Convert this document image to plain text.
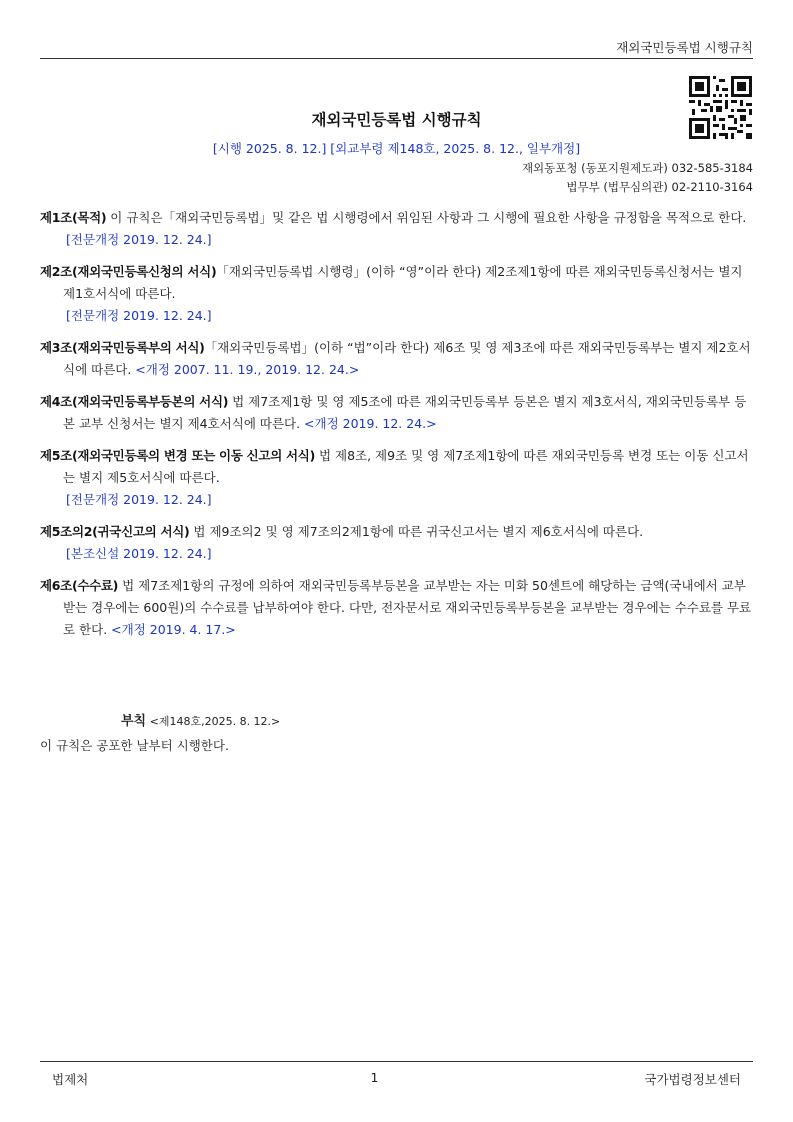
재외국민등록법 시행규칙
재외국민등록법 시행규칙
[시행 2025. 8. 12.] [외교부령 제148호, 2025. 8. 12., 일부개정]
재외동포청 (동포지원제도과) 032-585-3184
법무부 (법무심의관) 02-2110-3164
제1조(목적) 이 규칙은「재외국민등록법」및 같은 법 시행령에서 위임된 사항과 그 시행에 필요한 사항을 규정함을 목적으로 한다.
[전문개정 2019. 12. 24.]
제2조(재외국민등록신청의 서식)「재외국민등록법 시행령」(이하 “영”이라 한다) 제2조제1항에 따른 재외국민등록신청서는 별지 제1호서식에 따른다.
[전문개정 2019. 12. 24.]
제3조(재외국민등록부의 서식)「재외국민등록법」(이하 “법”이라 한다) 제6조 및 영 제3조에 따른 재외국민등록부는 별지 제2호서식에 따른다. <개정 2007. 11. 19., 2019. 12. 24.>
제4조(재외국민등록부등본의 서식) 법 제7조제1항 및 영 제5조에 따른 재외국민등록부 등본은 별지 제3호서식, 재외국민등록부 등본 교부 신청서는 별지 제4호서식에 따른다. <개정 2019. 12. 24.>
제5조(재외국민등록의 변경 또는 이동 신고의 서식) 법 제8조, 제9조 및 영 제7조제1항에 따른 재외국민등록 변경 또는 이동 신고서는 별지 제5호서식에 따른다.
[전문개정 2019. 12. 24.]
제5조의2(귀국신고의 서식) 법 제9조의2 및 영 제7조의2제1항에 따른 귀국신고서는 별지 제6호서식에 따른다.
[본조신설 2019. 12. 24.]
제6조(수수료) 법 제7조제1항의 규정에 의하여 재외국민등록부등본을 교부받는 자는 미화 50센트에 해당하는 금액(국내에서 교부받는 경우에는 600원)의 수수료를 납부하여야 한다. 다만, 전자문서로 재외국민등록부등본을 교부받는 경우에는 수수료를 무료로 한다. <개정 2019. 4. 17.>
부칙 <제148호,2025. 8. 12.>
이 규칙은 공포한 날부터 시행한다.
법제처	1	국가법령정보센터
